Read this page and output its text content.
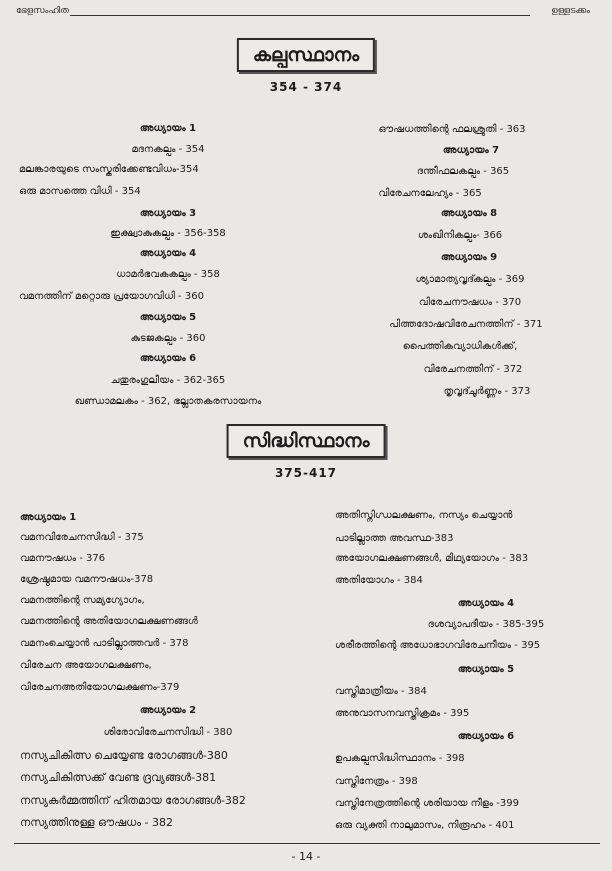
ഭേളസംഹിത	ഉള്ളടക്കം
കല്പസ്ഥാനം
354 - 374
അധ്യായം 1
മദനകല്പം - 354
മലങ്കാരയുടെ സംസ്കരിക്കേണ്ടവിധം-354
ഒരു മാസത്തെ വിധി - 354
അധ്യായം 3
ഇക്ഷ്വാകുകല്പം - 356-358
അധ്യായം 4
ധാമർഭവകകല്പം - 358
വമനത്തിന് മറ്റൊരു പ്രയോഗവിധി - 360
അധ്യായം 5
കുടജകല്പം - 360
അധ്യായം 6
ചതുരംഗുലീയം - 362-365
ഖണ്ഡാമലകം - 362, ഭല്ലാതകരസായനം
ഔഷധത്തിന്റെ ഫലശ്രുതി - 363
അധ്യായം 7
ദന്തീഫലകല്പം - 365
വിരേചനലേഹ്യം - 365
അധ്യായം 8
ശംഖിനികല്പം- 366
അധ്യായം 9
ശ്യാമാത്യവൃദ്കല്പം - 369
വിരേചനൗഷധം - 370
പിത്തദോഷവിരേചനത്തിന് - 371
പൈത്തികവ്യാധികൾക്ക്,
വിരേചനത്തിന് - 372
തൃവൃദ്ചൂർണ്ണം - 373
സിദ്ധിസ്ഥാനം
375-417
അധ്യായം 1
വമനവിരേചനസിദ്ധി - 375
വമനൗഷധം - 376
ശ്രേഷ്ഠമായ വമനൗഷധം-378
വമനത്തിന്റെ സമ്യഗ്യോഗം,
വമനത്തിന്റെ അതിയോഗലക്ഷണങ്ങൾ
വമനംചെയ്യാൻ പാടില്ലാത്തവർ - 378
വിരേചന അയോഗലക്ഷണം,
വിരേചനഅതിയോഗലക്ഷണം-379
അധ്യായം 2
ശിരോവിരേചനസിദ്ധി - 380
നസ്യചികിത്സ ചെയ്യേണ്ട രോഗങ്ങൾ-380
നസ്യചികിത്സക്ക് വേണ്ട ദ്രവ്യങ്ങൾ-381
നസ്യകർമ്മത്തിന് ഹിതമായ രോഗങ്ങൾ-382
നസ്യത്തിനുള്ള ഔഷധം - 382
അതിസ്നിഗ്ധലക്ഷണം, നസ്യം ചെയ്യാൻ
പാടില്ലാത്ത അവസ്ഥ-383
അയോഗലക്ഷണങ്ങൾ, മിഥ്യയോഗം - 383
അതിയോഗം - 384
അധ്യായം 4
ദശവ്യാപദീയം - 385-395
ശരീരത്തിന്റെ അധോഭാഗവിരേചനീയം - 395
അധ്യായം 5
വസ്തിമാത്രീയം - 384
അനുവാസനവസ്തിക്രമം - 395
അധ്യായം 6
ഉപകല്പസിദ്ധിസ്ഥാനം - 398
വസ്തിനേത്രം - 398
വസ്തിനേത്രത്തിന്റെ ശരിയായ നീളം -399
ഒരു വ്യക്തി നാലുമാസം, നിരൂഹം - 401
- 14 -
